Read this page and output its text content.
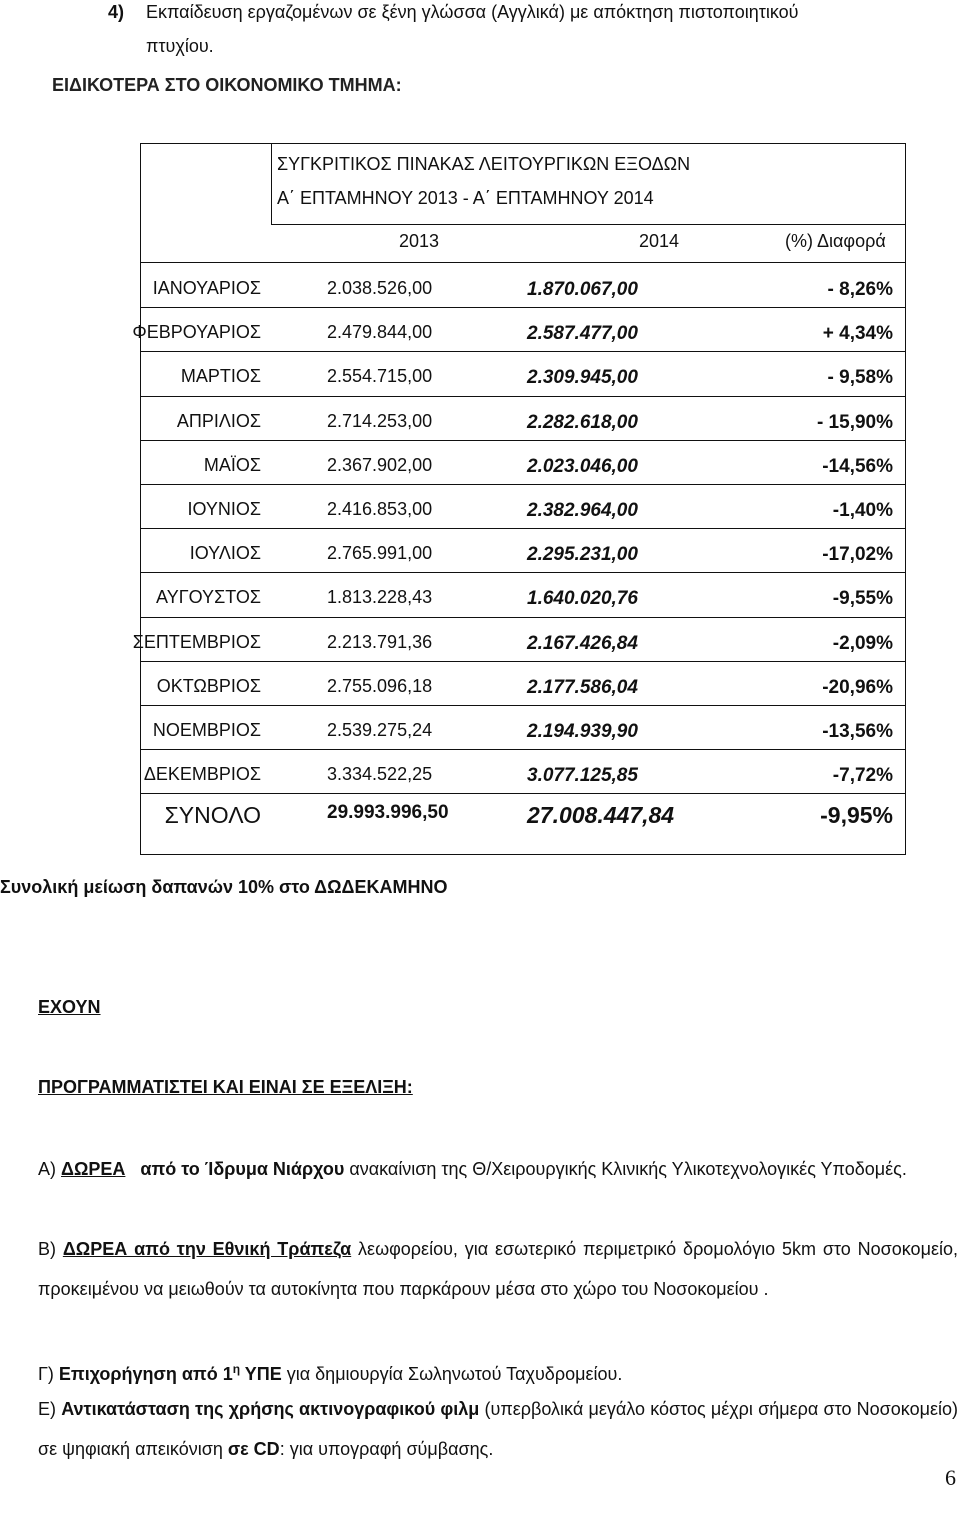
4) Εκπαίδευση εργαζομένων σε ξένη γλώσσα (Αγγλικά) με απόκτηση πιστοποιητικού
πτυχίου.
ΕΙΔΙΚΟΤΕΡΑ ΣΤΟ ΟΙΚΟΝΟΜΙΚΟ ΤΜΗΜΑ:
ΣΥΓΚΡΙΤΙΚΟΣ ΠΙΝΑΚΑΣ ΛΕΙΤΟΥΡΓΙΚΩΝ ΕΞΟΔΩΝ
Α΄ ΕΠΤΑΜΗΝΟΥ 2013 - Α΄ ΕΠΤΑΜΗΝΟΥ 2014
2013	2014	(%) Διαφορά
ΙΑΝΟΥΑΡΙΟΣ	2.038.526,00	1.870.067,00	- 8,26%
ΦΕΒΡΟΥΑΡΙΟΣ	2.479.844,00	2.587.477,00	+ 4,34%
ΜΑΡΤΙΟΣ	2.554.715,00	2.309.945,00	- 9,58%
ΑΠΡΙΛΙΟΣ	2.714.253,00	2.282.618,00	- 15,90%
ΜΑΪΟΣ	2.367.902,00	2.023.046,00	-14,56%
ΙΟΥΝΙΟΣ	2.416.853,00	2.382.964,00	-1,40%
ΙΟΥΛΙΟΣ	2.765.991,00	2.295.231,00	-17,02%
ΑΥΓΟΥΣΤΟΣ	1.813.228,43	1.640.020,76	-9,55%
ΣΕΠΤΕΜΒΡΙΟΣ	2.213.791,36	2.167.426,84	-2,09%
ΟΚΤΩΒΡΙΟΣ	2.755.096,18	2.177.586,04	-20,96%
ΝΟΕΜΒΡΙΟΣ	2.539.275,24	2.194.939,90	-13,56%
ΔΕΚΕΜΒΡΙΟΣ	3.334.522,25	3.077.125,85	-7,72%
ΣΥΝΟΛΟ	29.993.996,50	27.008.447,84	-9,95%
Συνολική μείωση δαπανών 10% στο ΔΩΔΕΚΑΜΗΝΟ
ΕΧΟΥΝ
ΠΡΟΓΡΑΜΜΑΤΙΣΤΕΙ ΚΑΙ ΕΙΝΑΙ ΣΕ ΕΞΕΛΙΞΗ:
Α) ΔΩΡΕΑ από το Ίδρυμα Νιάρχου ανακαίνιση της Θ/Χειρουργικής Κλινικής Υλικοτεχνολογικές Υποδομές.
Β) ΔΩΡΕΑ από την Εθνική Τράπεζα λεωφορείου, για εσωτερικό περιμετρικό δρομολόγιο 5km στο Νοσοκομείο, προκειμένου να μειωθούν τα αυτοκίνητα που παρκάρουν μέσα στο χώρο του Νοσοκομείου .
Γ) Επιχορήγηση από $1^\eta$ ΥΠΕ για δημιουργία Σωληνωτού Ταχυδρομείου.
Ε) Αντικατάσταση της χρήσης ακτινογραφικού φιλμ (υπερβολικά μεγάλο κόστος μέχρι σήμερα στο Νοσοκομείο) σε ψηφιακή απεικόνιση σε CD: για υπογραφή σύμβασης.
6
